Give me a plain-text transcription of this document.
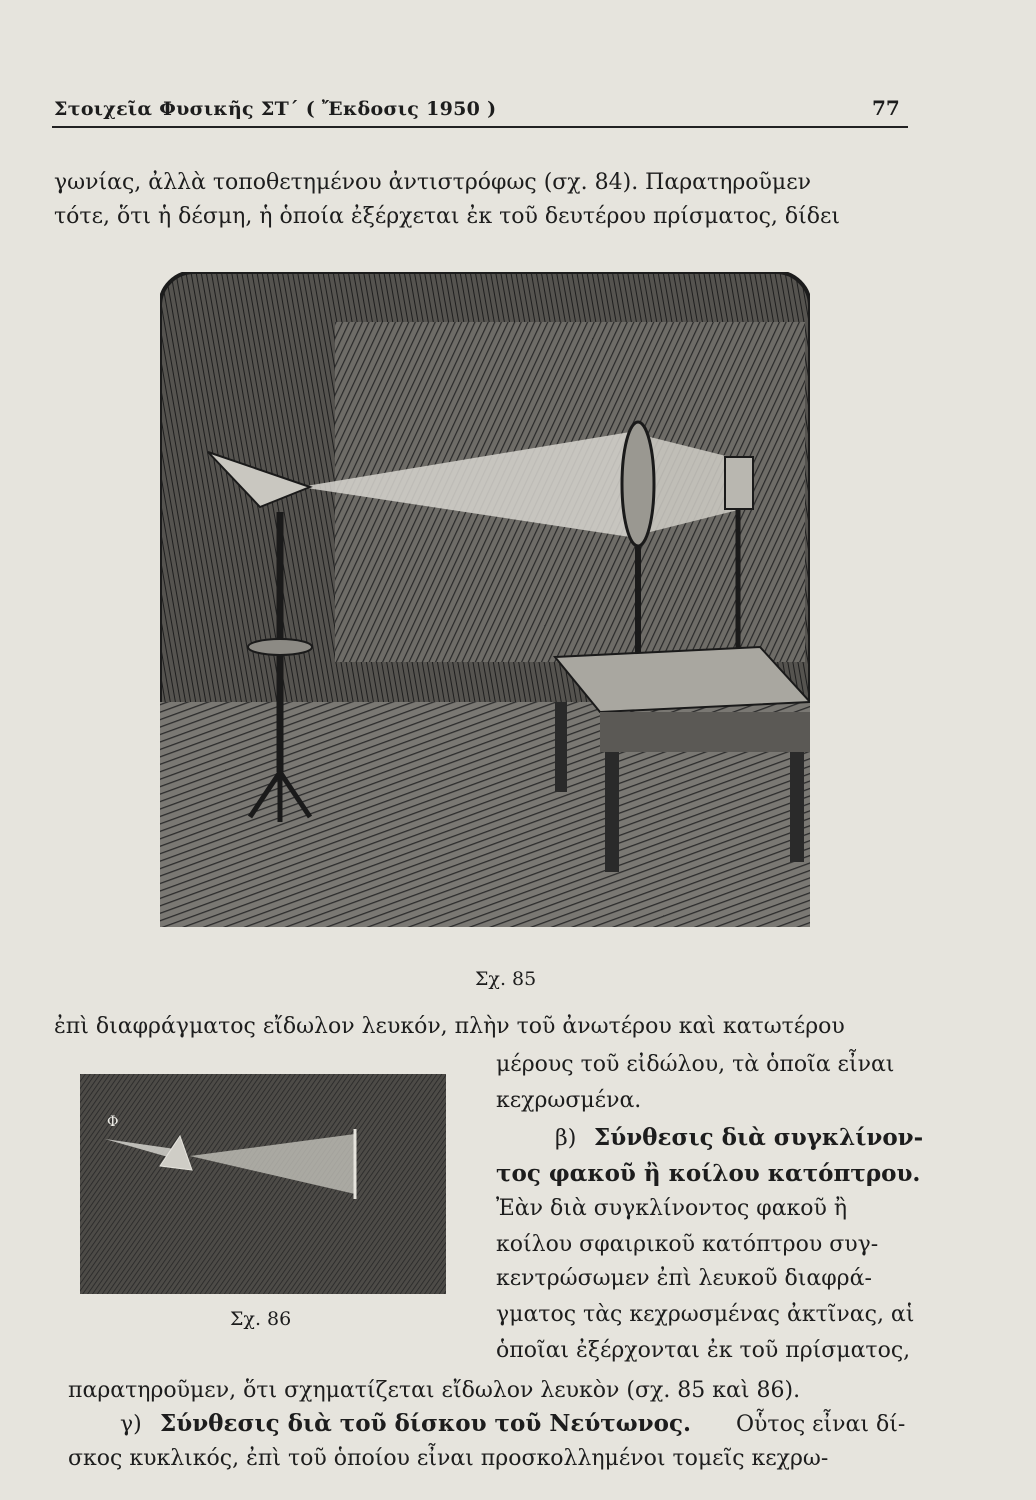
Στοιχεῖα Φυσικῆς ΣΤ΄ ( Ἔκδοσις 1950 )	77
γωνίας, ἀλλὰ τοποθετημένου ἀντιστρόφως (σχ. 84). Παρατηροῦμεν
τότε, ὅτι ἡ δέσμη, ἡ ὁποία ἐξέρχεται ἐκ τοῦ δευτέρου πρίσματος, δίδει
Σχ. 85
ἐπὶ διαφράγματος εἴδωλον λευκόν, πλὴν τοῦ ἀνωτέρου καὶ κατωτέρου
μέρους τοῦ εἰδώλου, τὰ ὁποῖα εἶναι
κεχρωσμένα.
Φ
Σχ. 86
β) Σύνθεσις διὰ συγκλίνον-
τος φακοῦ ἢ κοίλου κατόπτρου.
Ἐὰν διὰ συγκλίνοντος φακοῦ ἢ
κοίλου σφαιρικοῦ κατόπτρου συγ-
κεντρώσωμεν ἐπὶ λευκοῦ διαφρά-
γματος τὰς κεχρωσμένας ἀκτῖνας, αἱ
ὁποῖαι ἐξέρχονται ἐκ τοῦ πρίσματος,
παρατηροῦμεν, ὅτι σχηματίζεται εἴδωλον λευκὸν (σχ. 85 καὶ 86).
γ) Σύνθεσις διὰ τοῦ δίσκου τοῦ Νεύτωνος. Οὗτος εἶναι δί-
σκος κυκλικός, ἐπὶ τοῦ ὁποίου εἶναι προσκολλημένοι τομεῖς κεχρω-
